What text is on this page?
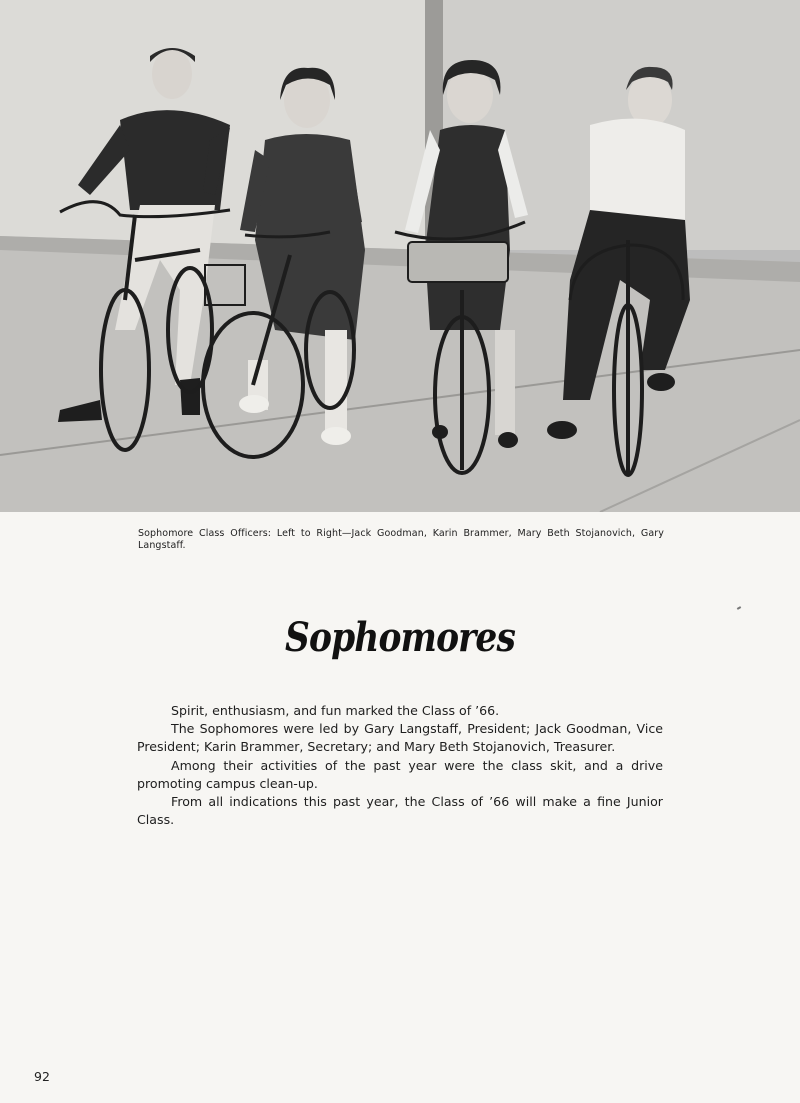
Sophomore Class Officers: Left to Right—Jack Goodman, Karin Brammer, Mary Beth Stojanovich, Gary Langstaff.
Sophomores

Spirit, enthusiasm, and fun marked the Class of ’66.

The Sophomores were led by Gary Langstaff, President; Jack Goodman, Vice President; Karin Brammer, Secretary; and Mary Beth Stojanovich, Treasurer.

Among their activities of the past year were the class skit, and a drive promoting campus clean-up.

From all indications this past year, the Class of ’66 will make a fine Junior Class.

92
